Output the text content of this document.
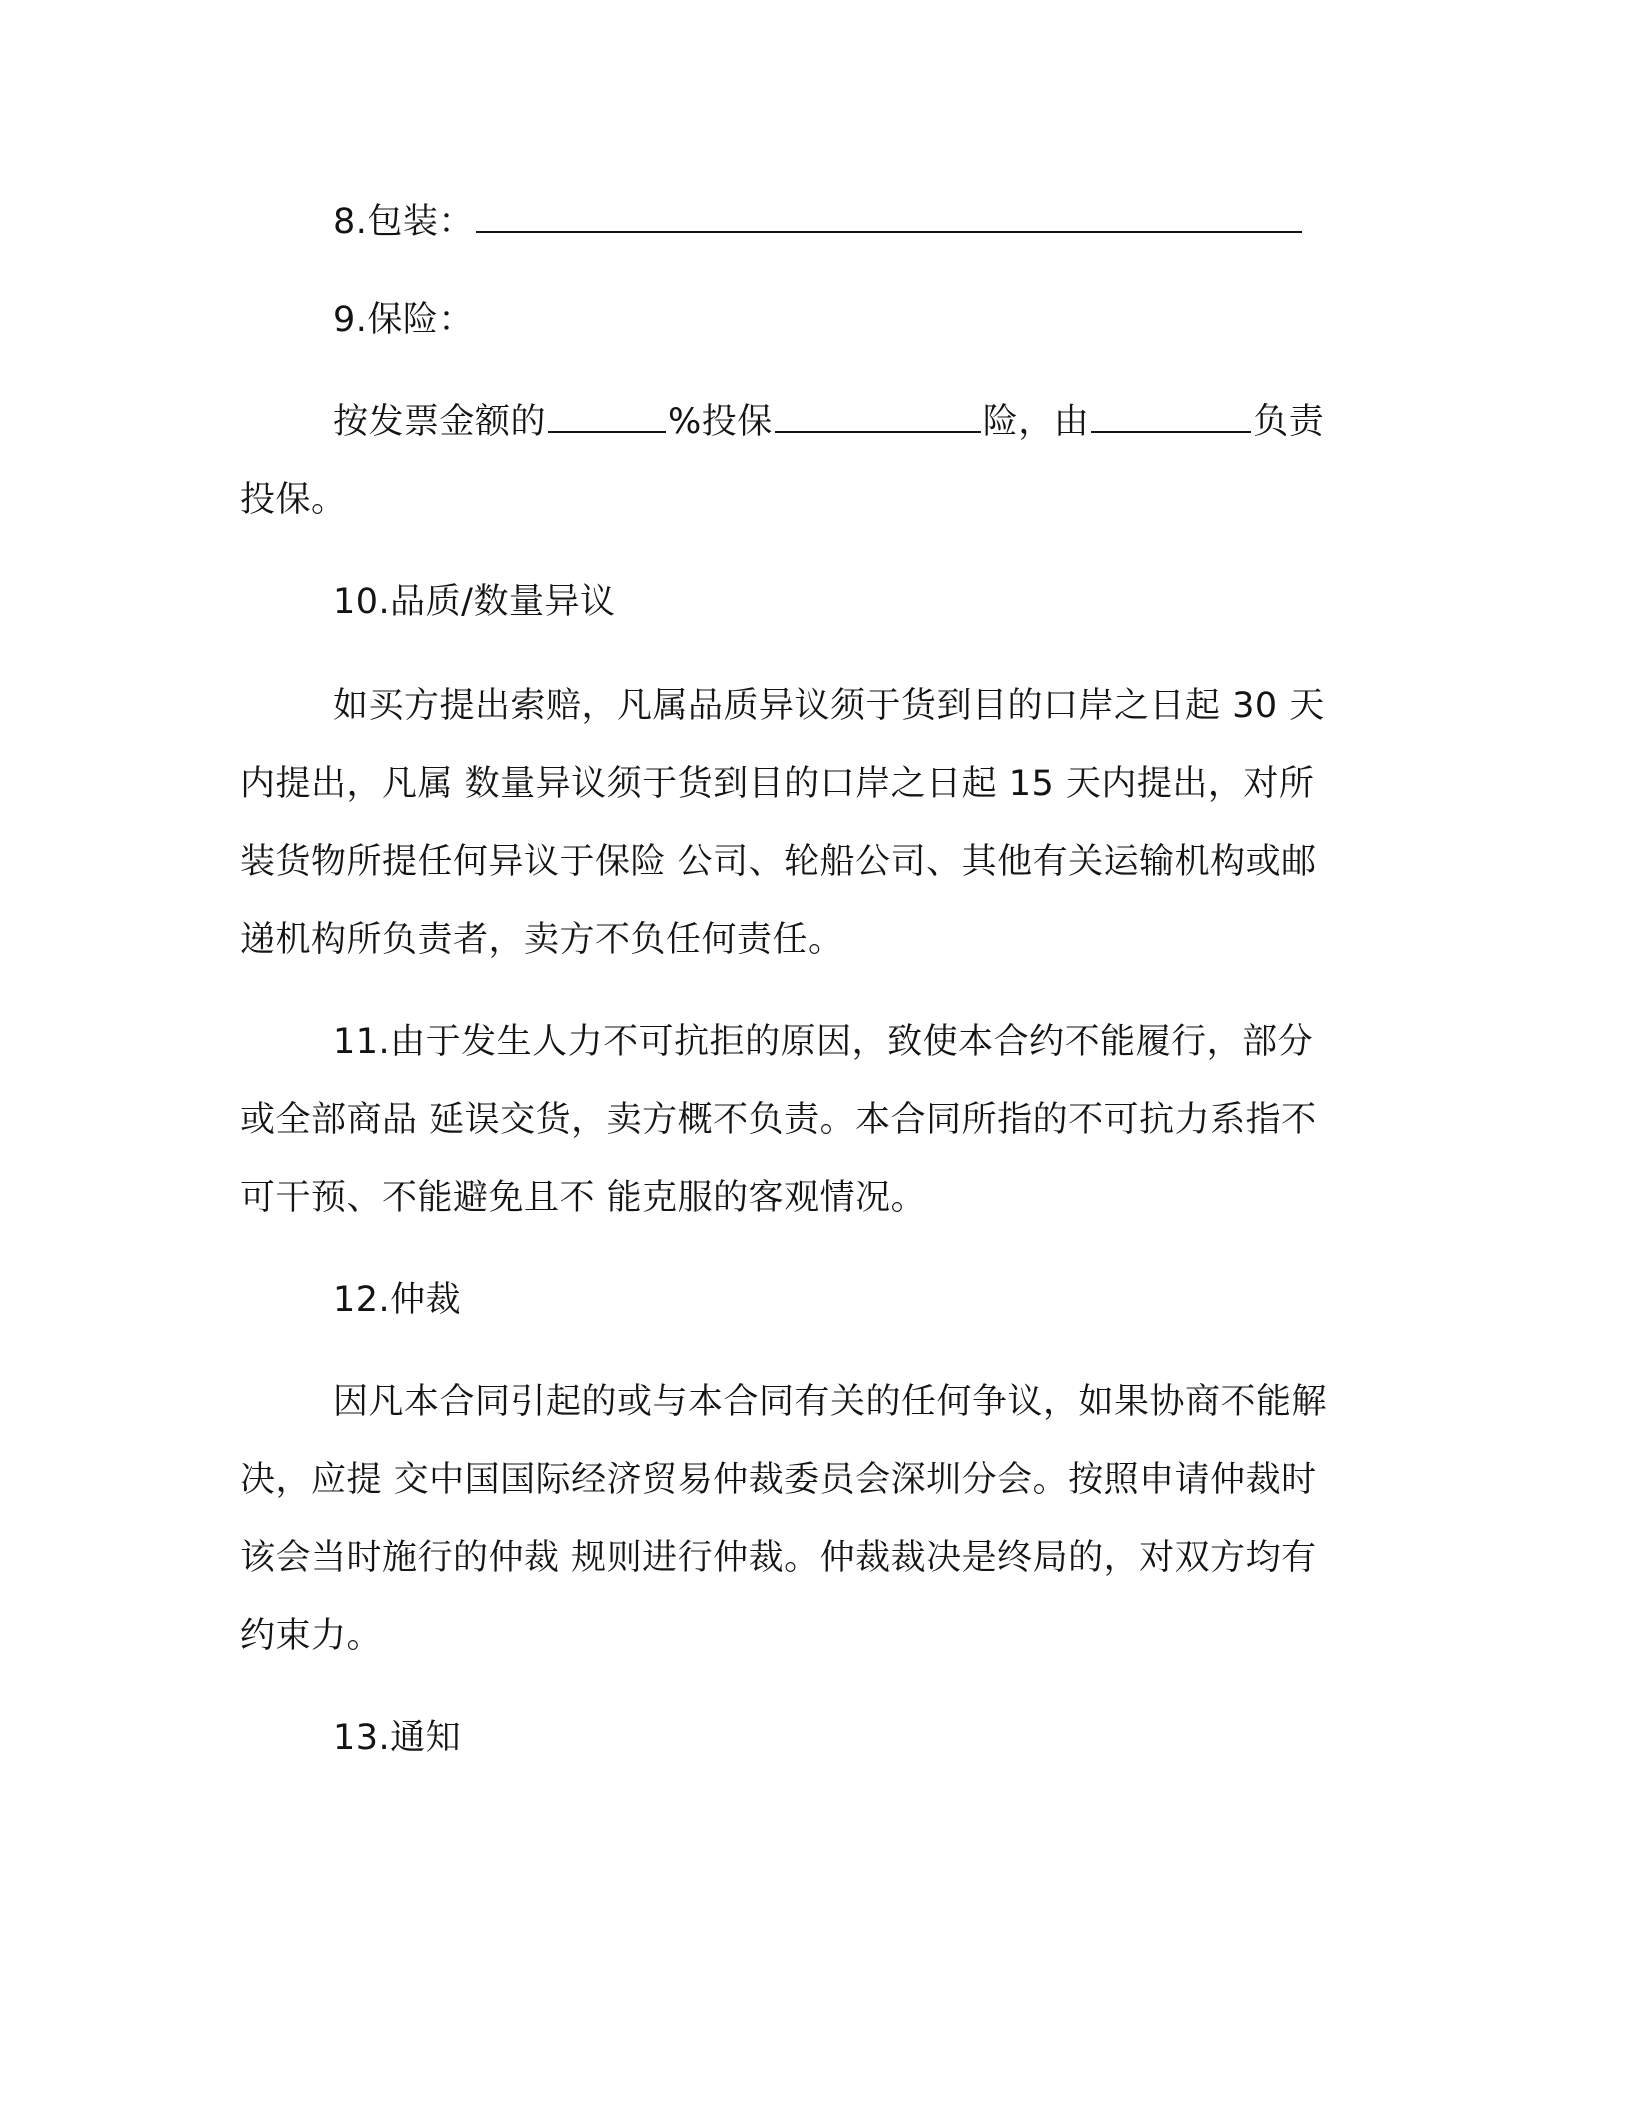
8.包装：
9.保险：
按发票金额的	%投保	险，由	负责
投保。
10.品质/数量异议
如买方提出索赔，凡属品质异议须于货到目的口岸之日起 30 天
内提出，凡属 数量异议须于货到目的口岸之日起 15 天内提出，对所
装货物所提任何异议于保险 公司、轮船公司、其他有关运输机构或邮
递机构所负责者，卖方不负任何责任。
11.由于发生人力不可抗拒的原因，致使本合约不能履行，部分
或全部商品 延误交货，卖方概不负责。本合同所指的不可抗力系指不
可干预、不能避免且不 能克服的客观情况。
12.仲裁
因凡本合同引起的或与本合同有关的任何争议，如果协商不能解
决，应提 交中国国际经济贸易仲裁委员会深圳分会。按照申请仲裁时
该会当时施行的仲裁 规则进行仲裁。仲裁裁决是终局的，对双方均有
约束力。
13.通知
